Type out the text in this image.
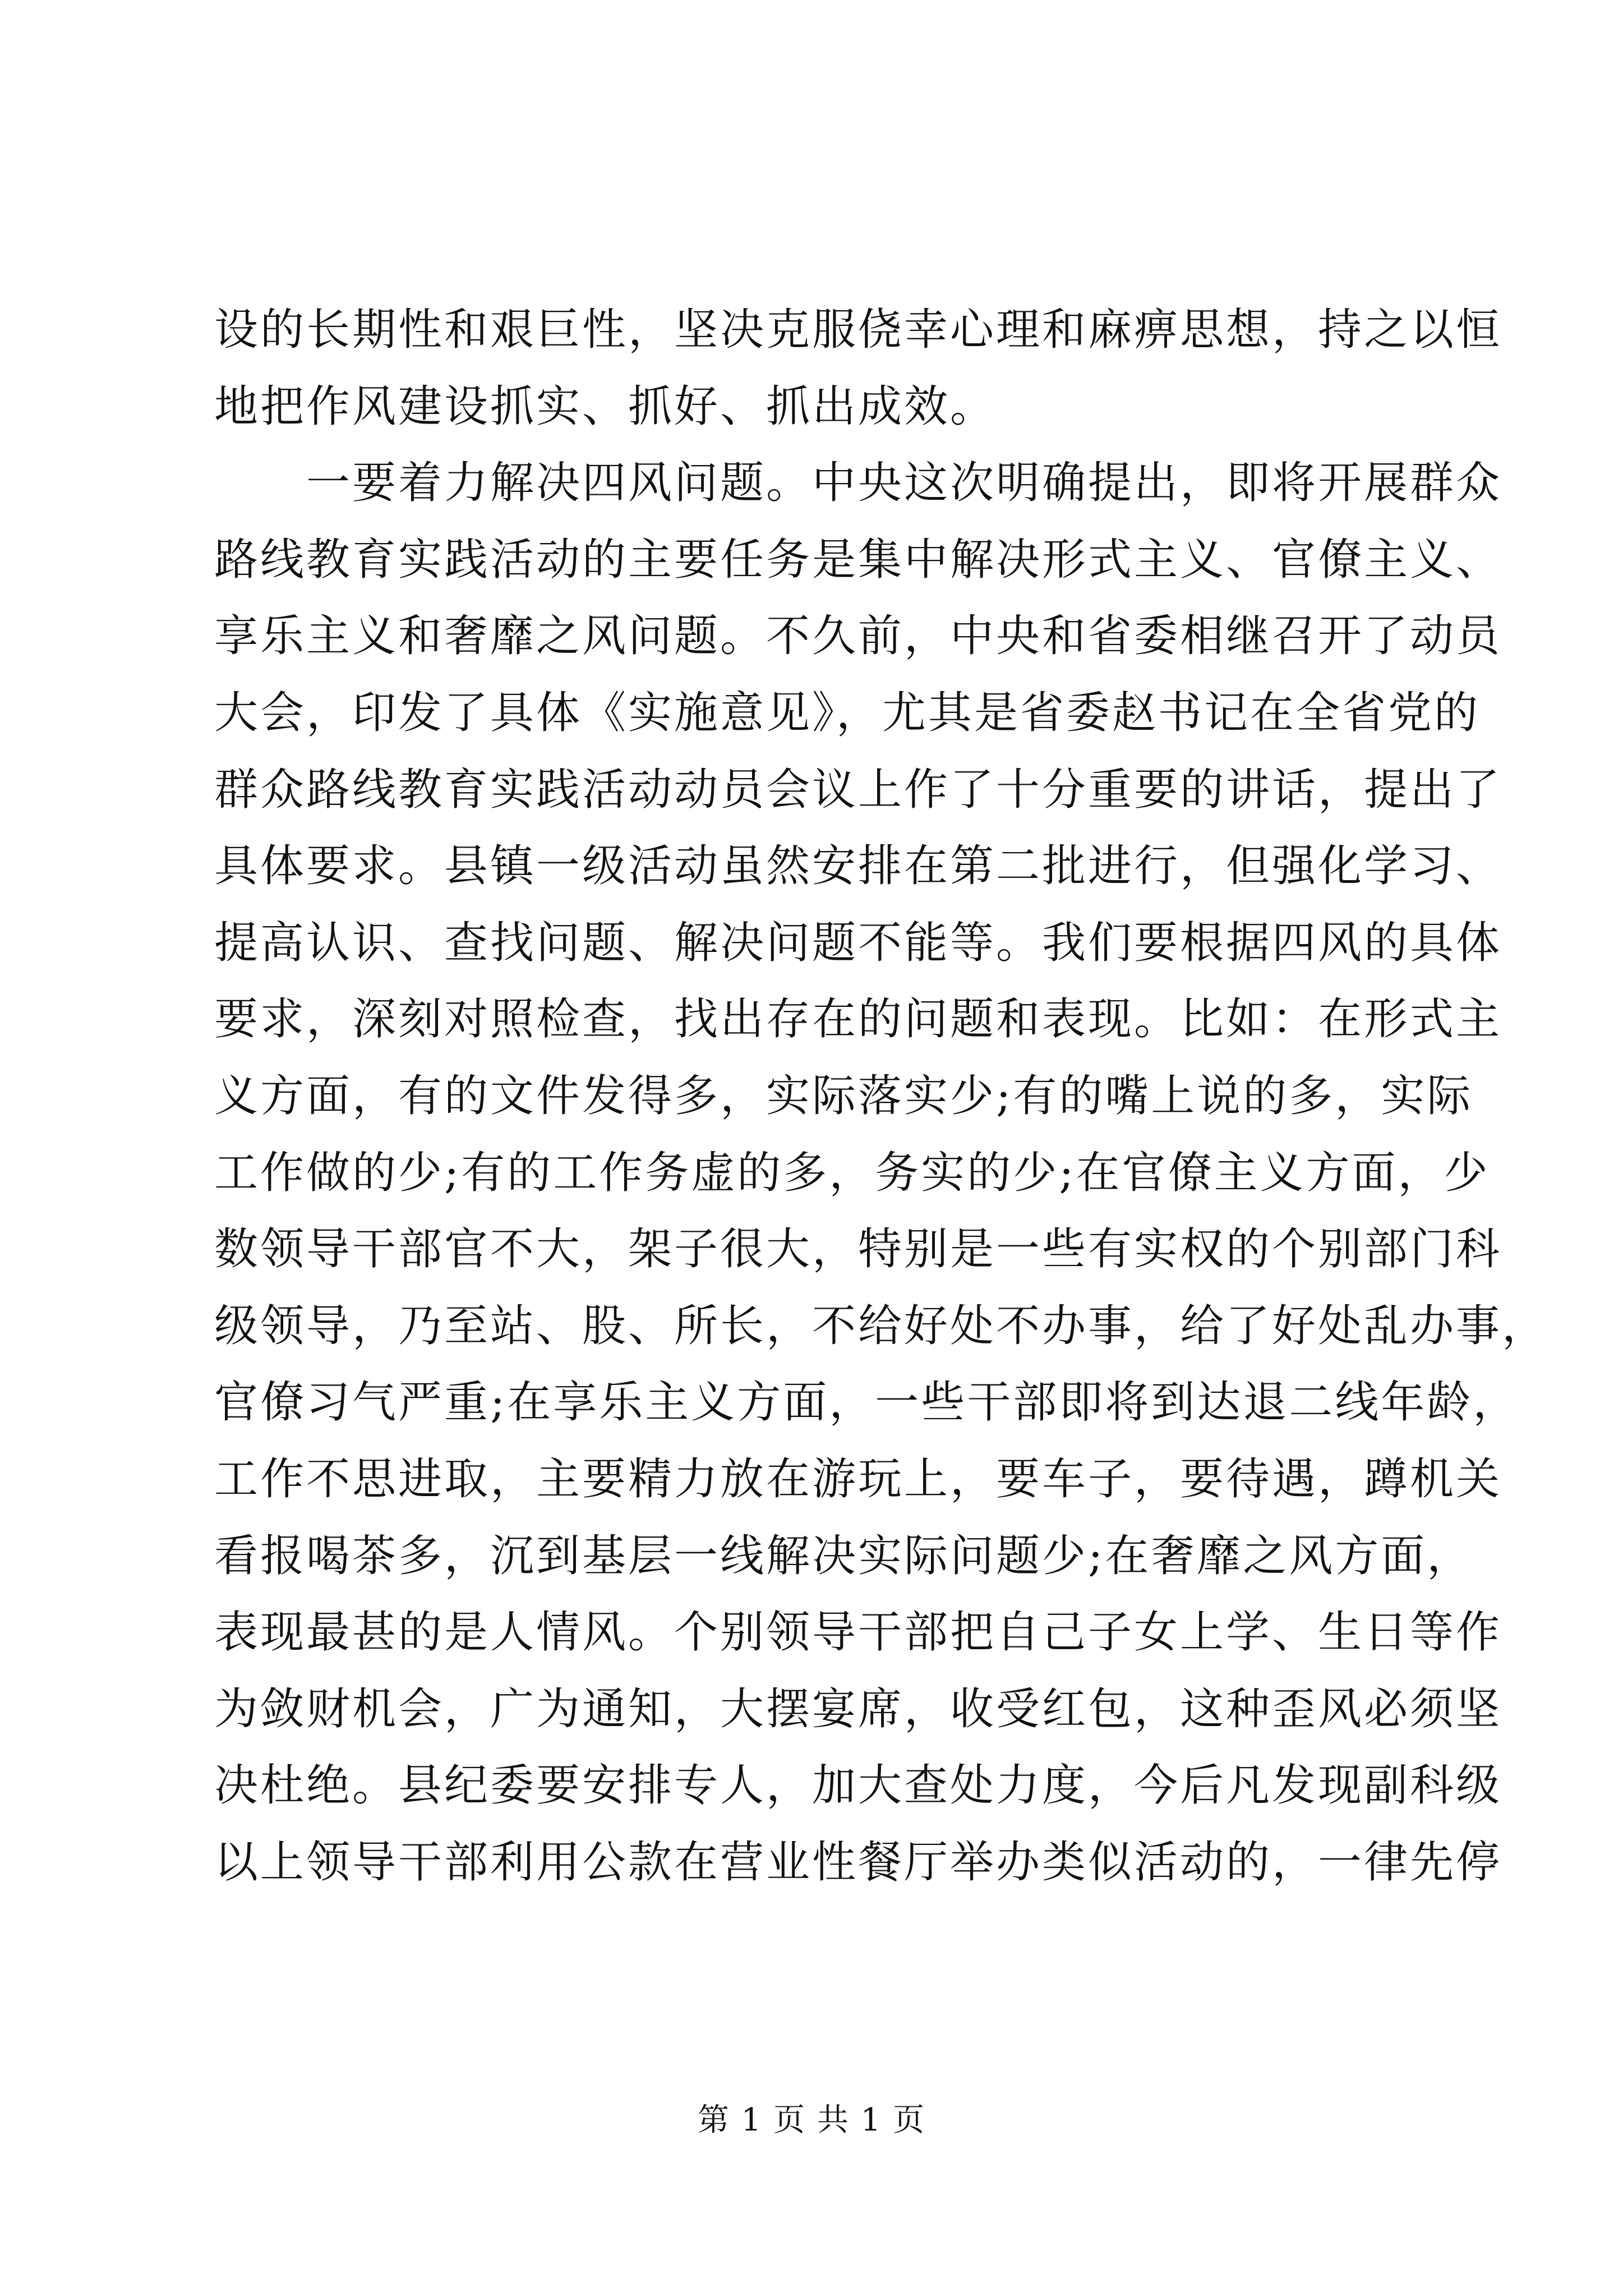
设的长期性和艰巨性，坚决克服侥幸心理和麻痹思想，持之以恒
地把作风建设抓实、抓好、抓出成效。
一要着力解决四风问题。中央这次明确提出，即将开展群众
路线教育实践活动的主要任务是集中解决形式主义、官僚主义、
享乐主义和奢靡之风问题。不久前，中央和省委相继召开了动员
大会，印发了具体《实施意见》，尤其是省委赵书记在全省党的
群众路线教育实践活动动员会议上作了十分重要的讲话，提出了
具体要求。县镇一级活动虽然安排在第二批进行，但强化学习、
提高认识、查找问题、解决问题不能等。我们要根据四风的具体
要求，深刻对照检查，找出存在的问题和表现。比如：在形式主
义方面，有的文件发得多，实际落实少;有的嘴上说的多，实际
工作做的少;有的工作务虚的多，务实的少;在官僚主义方面，少
数领导干部官不大，架子很大，特别是一些有实权的个别部门科
级领导，乃至站、股、所长，不给好处不办事，给了好处乱办事，
官僚习气严重;在享乐主义方面，一些干部即将到达退二线年龄，
工作不思进取，主要精力放在游玩上，要车子，要待遇，蹲机关
看报喝茶多，沉到基层一线解决实际问题少;在奢靡之风方面，
表现最甚的是人情风。个别领导干部把自己子女上学、生日等作
为敛财机会，广为通知，大摆宴席，收受红包，这种歪风必须坚
决杜绝。县纪委要安排专人，加大查处力度，今后凡发现副科级
以上领导干部利用公款在营业性餐厅举办类似活动的，一律先停
第 1 页 共 1 页
